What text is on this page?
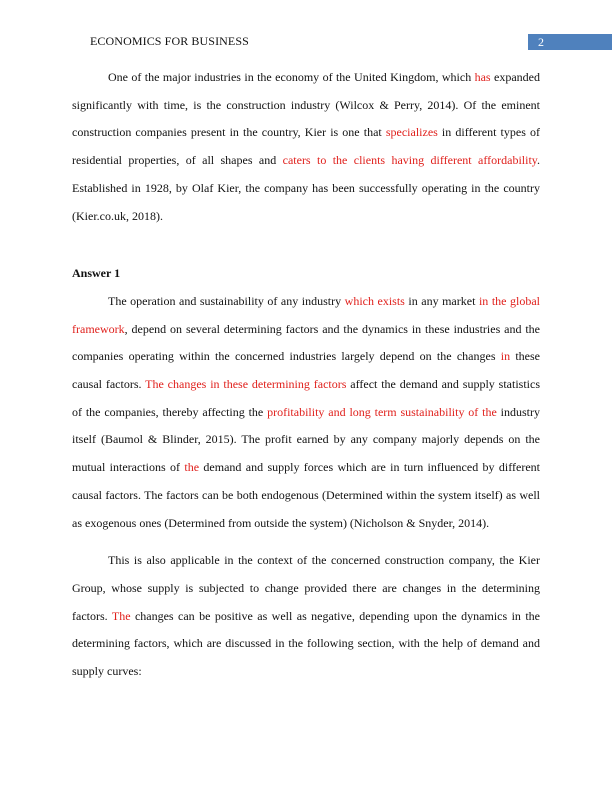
ECONOMICS FOR BUSINESS	2

One of the major industries in the economy of the United Kingdom, which has expanded significantly with time, is the construction industry (Wilcox & Perry, 2014). Of the eminent construction companies present in the country, Kier is one that specializes in different types of residential properties, of all shapes and caters to the clients having different affordability. Established in 1928, by Olaf Kier, the company has been successfully operating in the country (Kier.co.uk, 2018).

Answer 1

The operation and sustainability of any industry which exists in any market in the global framework, depend on several determining factors and the dynamics in these industries and the companies operating within the concerned industries largely depend on the changes in these causal factors. The changes in these determining factors affect the demand and supply statistics of the companies, thereby affecting the profitability and long term sustainability of the industry itself (Baumol & Blinder, 2015). The profit earned by any company majorly depends on the mutual interactions of the demand and supply forces which are in turn influenced by different causal factors. The factors can be both endogenous (Determined within the system itself) as well as exogenous ones (Determined from outside the system) (Nicholson & Snyder, 2014).

This is also applicable in the context of the concerned construction company, the Kier Group, whose supply is subjected to change provided there are changes in the determining factors. The changes can be positive as well as negative, depending upon the dynamics in the determining factors, which are discussed in the following section, with the help of demand and supply curves:
